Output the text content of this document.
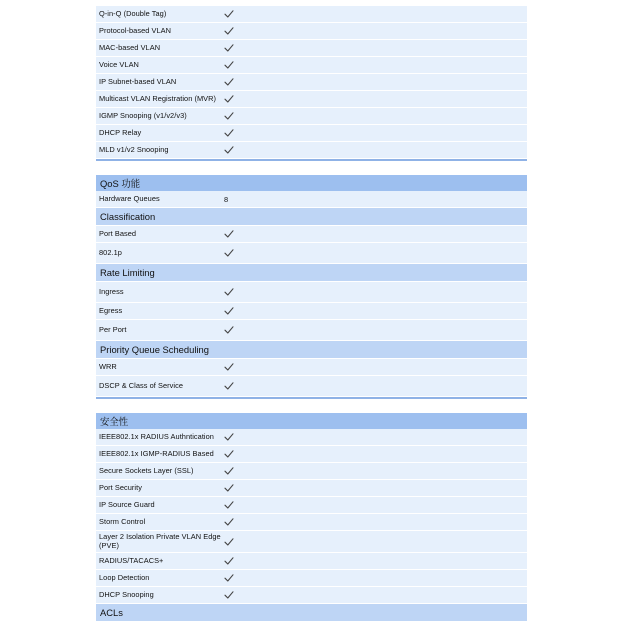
Q-in-Q (Double Tag)
Protocol-based VLAN
MAC-based VLAN
Voice VLAN
IP Subnet-based VLAN
Multicast VLAN Registration (MVR)
IGMP Snooping (v1/v2/v3)
DHCP Relay
MLD v1/v2 Snooping
QoS 功能
Hardware Queues	8
Classification
Port Based
802.1p
Rate Limiting
Ingress
Egress
Per Port
Priority Queue Scheduling
WRR
DSCP & Class of Service
安全性
IEEE802.1x RADIUS Authntication
IEEE802.1x IGMP-RADIUS Based
Secure Sockets Layer (SSL)
Port Security
IP Source Guard
Storm Control
Layer 2 Isolation Private VLAN Edge (PVE)
RADIUS/TACACS+
Loop Detection
DHCP Snooping
ACLs
